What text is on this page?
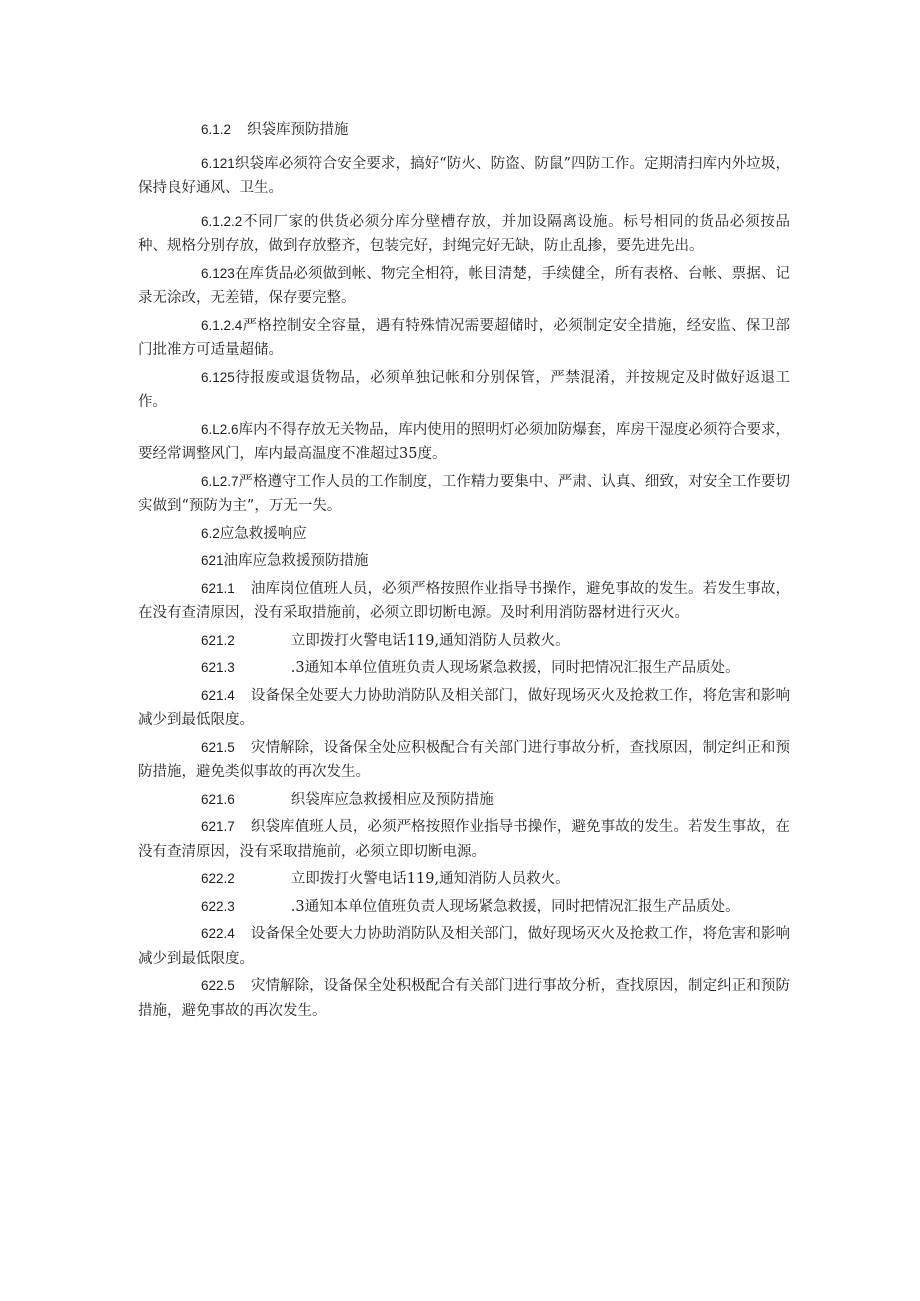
6.1.2 织袋库预防措施

6.121织袋库必须符合安全要求，搞好“防火、防盗、防鼠”四防工作。定期清扫库内外垃圾，保持良好通风、卫生。

6.1.2.2不同厂家的供货必须分库分壁槽存放，并加设隔离设施。标号相同的货品必须按品种、规格分别存放，做到存放整齐，包装完好，封绳完好无缺，防止乱掺，要先进先出。

6.123在库货品必须做到帐、物完全相符，帐目清楚，手续健全，所有表格、台帐、票据、记录无涂改，无差错，保存要完整。

6.1.2.4严格控制安全容量，遇有特殊情况需要超储时，必须制定安全措施，经安监、保卫部门批准方可适量超储。

6.125待报废或退货物品，必须单独记帐和分别保管，严禁混淆，并按规定及时做好返退工作。

6.L2.6库内不得存放无关物品，库内使用的照明灯必须加防爆套，库房干湿度必须符合要求，要经常调整风门，库内最高温度不准超过35度。

6.L2.7严格遵守工作人员的工作制度，工作精力要集中、严肃、认真、细致，对安全工作要切实做到“预防为主”，万无一失。

6.2应急救援响应

621油库应急救援预防措施

621.1 油库岗位值班人员，必须严格按照作业指导书操作，避免事故的发生。若发生事故，在没有查清原因，没有采取措施前，必须立即切断电源。及时利用消防器材进行灭火。

621.2	立即拨打火警电话119,通知消防人员救火。

621.3	.3通知本单位值班负责人现场紧急救援，同时把情况汇报生产品质处。

621.4 设备保全处要大力协助消防队及相关部门，做好现场灭火及抢救工作，将危害和影响减少到最低限度。

621.5 灾情解除，设备保全处应积极配合有关部门进行事故分析，查找原因，制定纠正和预防措施，避免类似事故的再次发生。

621.6	织袋库应急救援相应及预防措施

621.7 织袋库值班人员，必须严格按照作业指导书操作，避免事故的发生。若发生事故，在没有查清原因，没有采取措施前，必须立即切断电源。

622.2	立即拨打火警电话119,通知消防人员救火。

622.3	.3通知本单位值班负责人现场紧急救援，同时把情况汇报生产品质处。

622.4 设备保全处要大力协助消防队及相关部门，做好现场灭火及抢救工作，将危害和影响减少到最低限度。

622.5 灾情解除，设备保全处积极配合有关部门进行事故分析，查找原因，制定纠正和预防措施，避免事故的再次发生。
